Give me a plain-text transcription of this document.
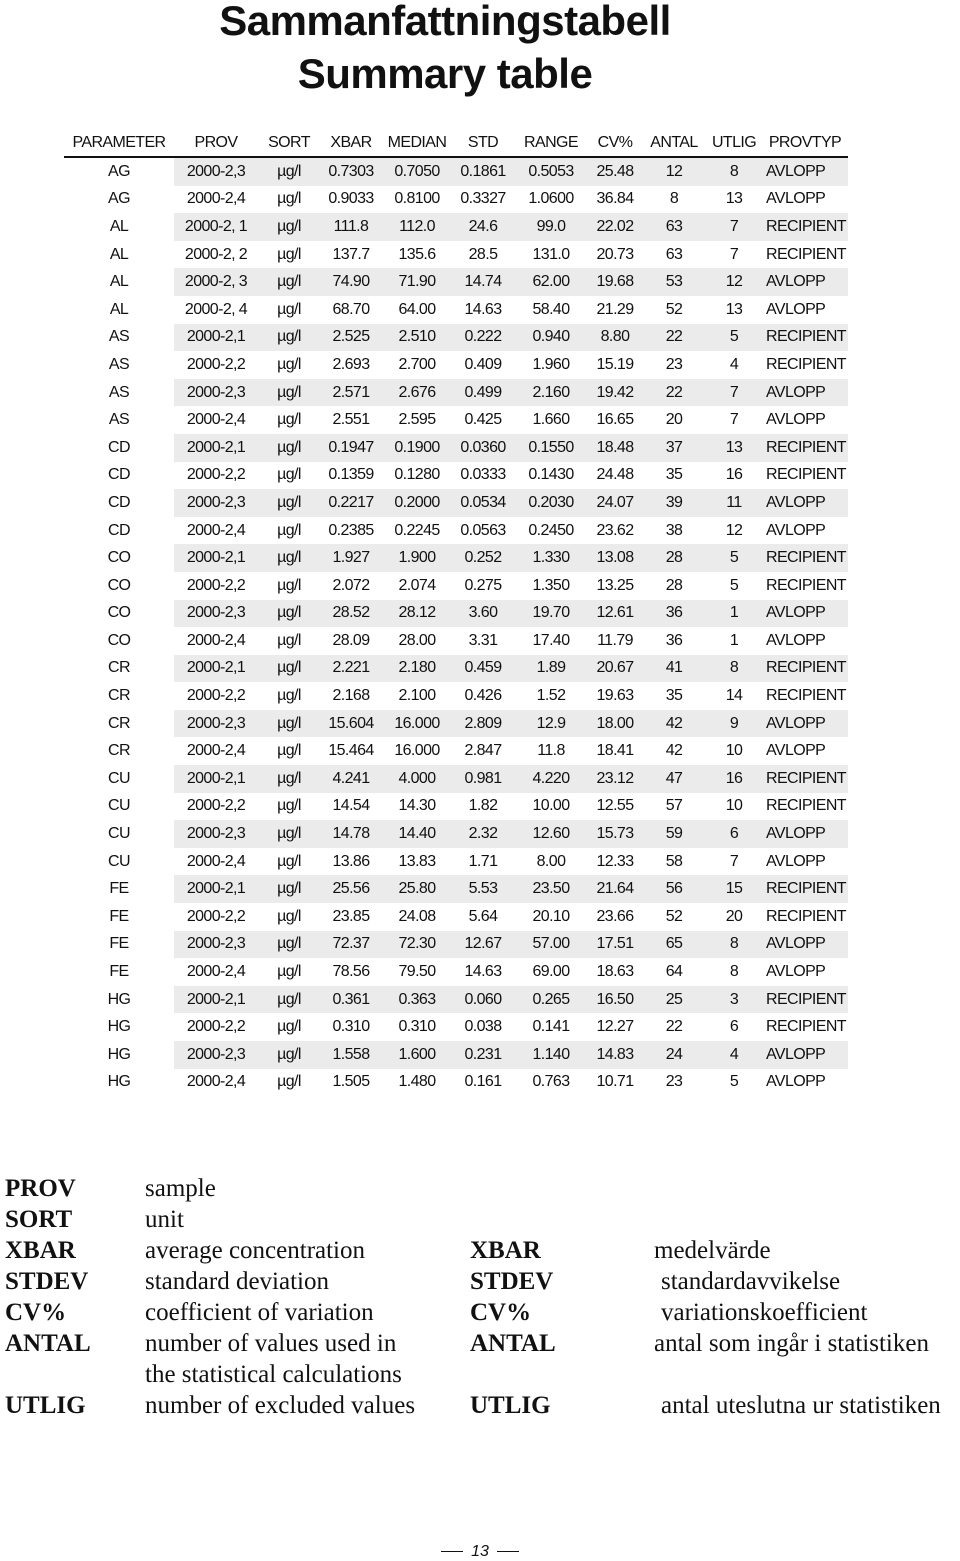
Sammanfattningstabell
Summary table
PARAMETER	PROV	SORT	XBAR	MEDIAN	STD	RANGE	CV%	ANTAL	UTLIG	PROVTYP
AG	2000-2,3	µg/l	0.7303	0.7050	0.1861	0.5053	25.48	12	8	AVLOPP
AG	2000-2,4	µg/l	0.9033	0.8100	0.3327	1.0600	36.84	8	13	AVLOPP
AL	2000-2, 1	µg/l	111.8	112.0	24.6	99.0	22.02	63	7	RECIPIENT
AL	2000-2, 2	µg/l	137.7	135.6	28.5	131.0	20.73	63	7	RECIPIENT
AL	2000-2, 3	µg/l	74.90	71.90	14.74	62.00	19.68	53	12	AVLOPP
AL	2000-2, 4	µg/l	68.70	64.00	14.63	58.40	21.29	52	13	AVLOPP
AS	2000-2,1	µg/l	2.525	2.510	0.222	0.940	8.80	22	5	RECIPIENT
AS	2000-2,2	µg/l	2.693	2.700	0.409	1.960	15.19	23	4	RECIPIENT
AS	2000-2,3	µg/l	2.571	2.676	0.499	2.160	19.42	22	7	AVLOPP
AS	2000-2,4	µg/l	2.551	2.595	0.425	1.660	16.65	20	7	AVLOPP
CD	2000-2,1	µg/l	0.1947	0.1900	0.0360	0.1550	18.48	37	13	RECIPIENT
CD	2000-2,2	µg/l	0.1359	0.1280	0.0333	0.1430	24.48	35	16	RECIPIENT
CD	2000-2,3	µg/l	0.2217	0.2000	0.0534	0.2030	24.07	39	11	AVLOPP
CD	2000-2,4	µg/l	0.2385	0.2245	0.0563	0.2450	23.62	38	12	AVLOPP
CO	2000-2,1	µg/l	1.927	1.900	0.252	1.330	13.08	28	5	RECIPIENT
CO	2000-2,2	µg/l	2.072	2.074	0.275	1.350	13.25	28	5	RECIPIENT
CO	2000-2,3	µg/l	28.52	28.12	3.60	19.70	12.61	36	1	AVLOPP
CO	2000-2,4	µg/l	28.09	28.00	3.31	17.40	11.79	36	1	AVLOPP
CR	2000-2,1	µg/l	2.221	2.180	0.459	1.89	20.67	41	8	RECIPIENT
CR	2000-2,2	µg/l	2.168	2.100	0.426	1.52	19.63	35	14	RECIPIENT
CR	2000-2,3	µg/l	15.604	16.000	2.809	12.9	18.00	42	9	AVLOPP
CR	2000-2,4	µg/l	15.464	16.000	2.847	11.8	18.41	42	10	AVLOPP
CU	2000-2,1	µg/l	4.241	4.000	0.981	4.220	23.12	47	16	RECIPIENT
CU	2000-2,2	µg/l	14.54	14.30	1.82	10.00	12.55	57	10	RECIPIENT
CU	2000-2,3	µg/l	14.78	14.40	2.32	12.60	15.73	59	6	AVLOPP
CU	2000-2,4	µg/l	13.86	13.83	1.71	8.00	12.33	58	7	AVLOPP
FE	2000-2,1	µg/l	25.56	25.80	5.53	23.50	21.64	56	15	RECIPIENT
FE	2000-2,2	µg/l	23.85	24.08	5.64	20.10	23.66	52	20	RECIPIENT
FE	2000-2,3	µg/l	72.37	72.30	12.67	57.00	17.51	65	8	AVLOPP
FE	2000-2,4	µg/l	78.56	79.50	14.63	69.00	18.63	64	8	AVLOPP
HG	2000-2,1	µg/l	0.361	0.363	0.060	0.265	16.50	25	3	RECIPIENT
HG	2000-2,2	µg/l	0.310	0.310	0.038	0.141	12.27	22	6	RECIPIENT
HG	2000-2,3	µg/l	1.558	1.600	0.231	1.140	14.83	24	4	AVLOPP
HG	2000-2,4	µg/l	1.505	1.480	0.161	0.763	10.71	23	5	AVLOPP
PROV	sample
SORT	unit
XBAR	average concentration
STDEV standard deviation
CV%	coefficient of variation
ANTAL number of values used in
the statistical calculations
UTLIG number of excluded values
XBAR	medelvärde
STDEV	standardavvikelse
CV%	variationskoefficient
ANTAL	antal som ingår i statistiken
UTLIG	antal uteslutna ur statistiken
13
